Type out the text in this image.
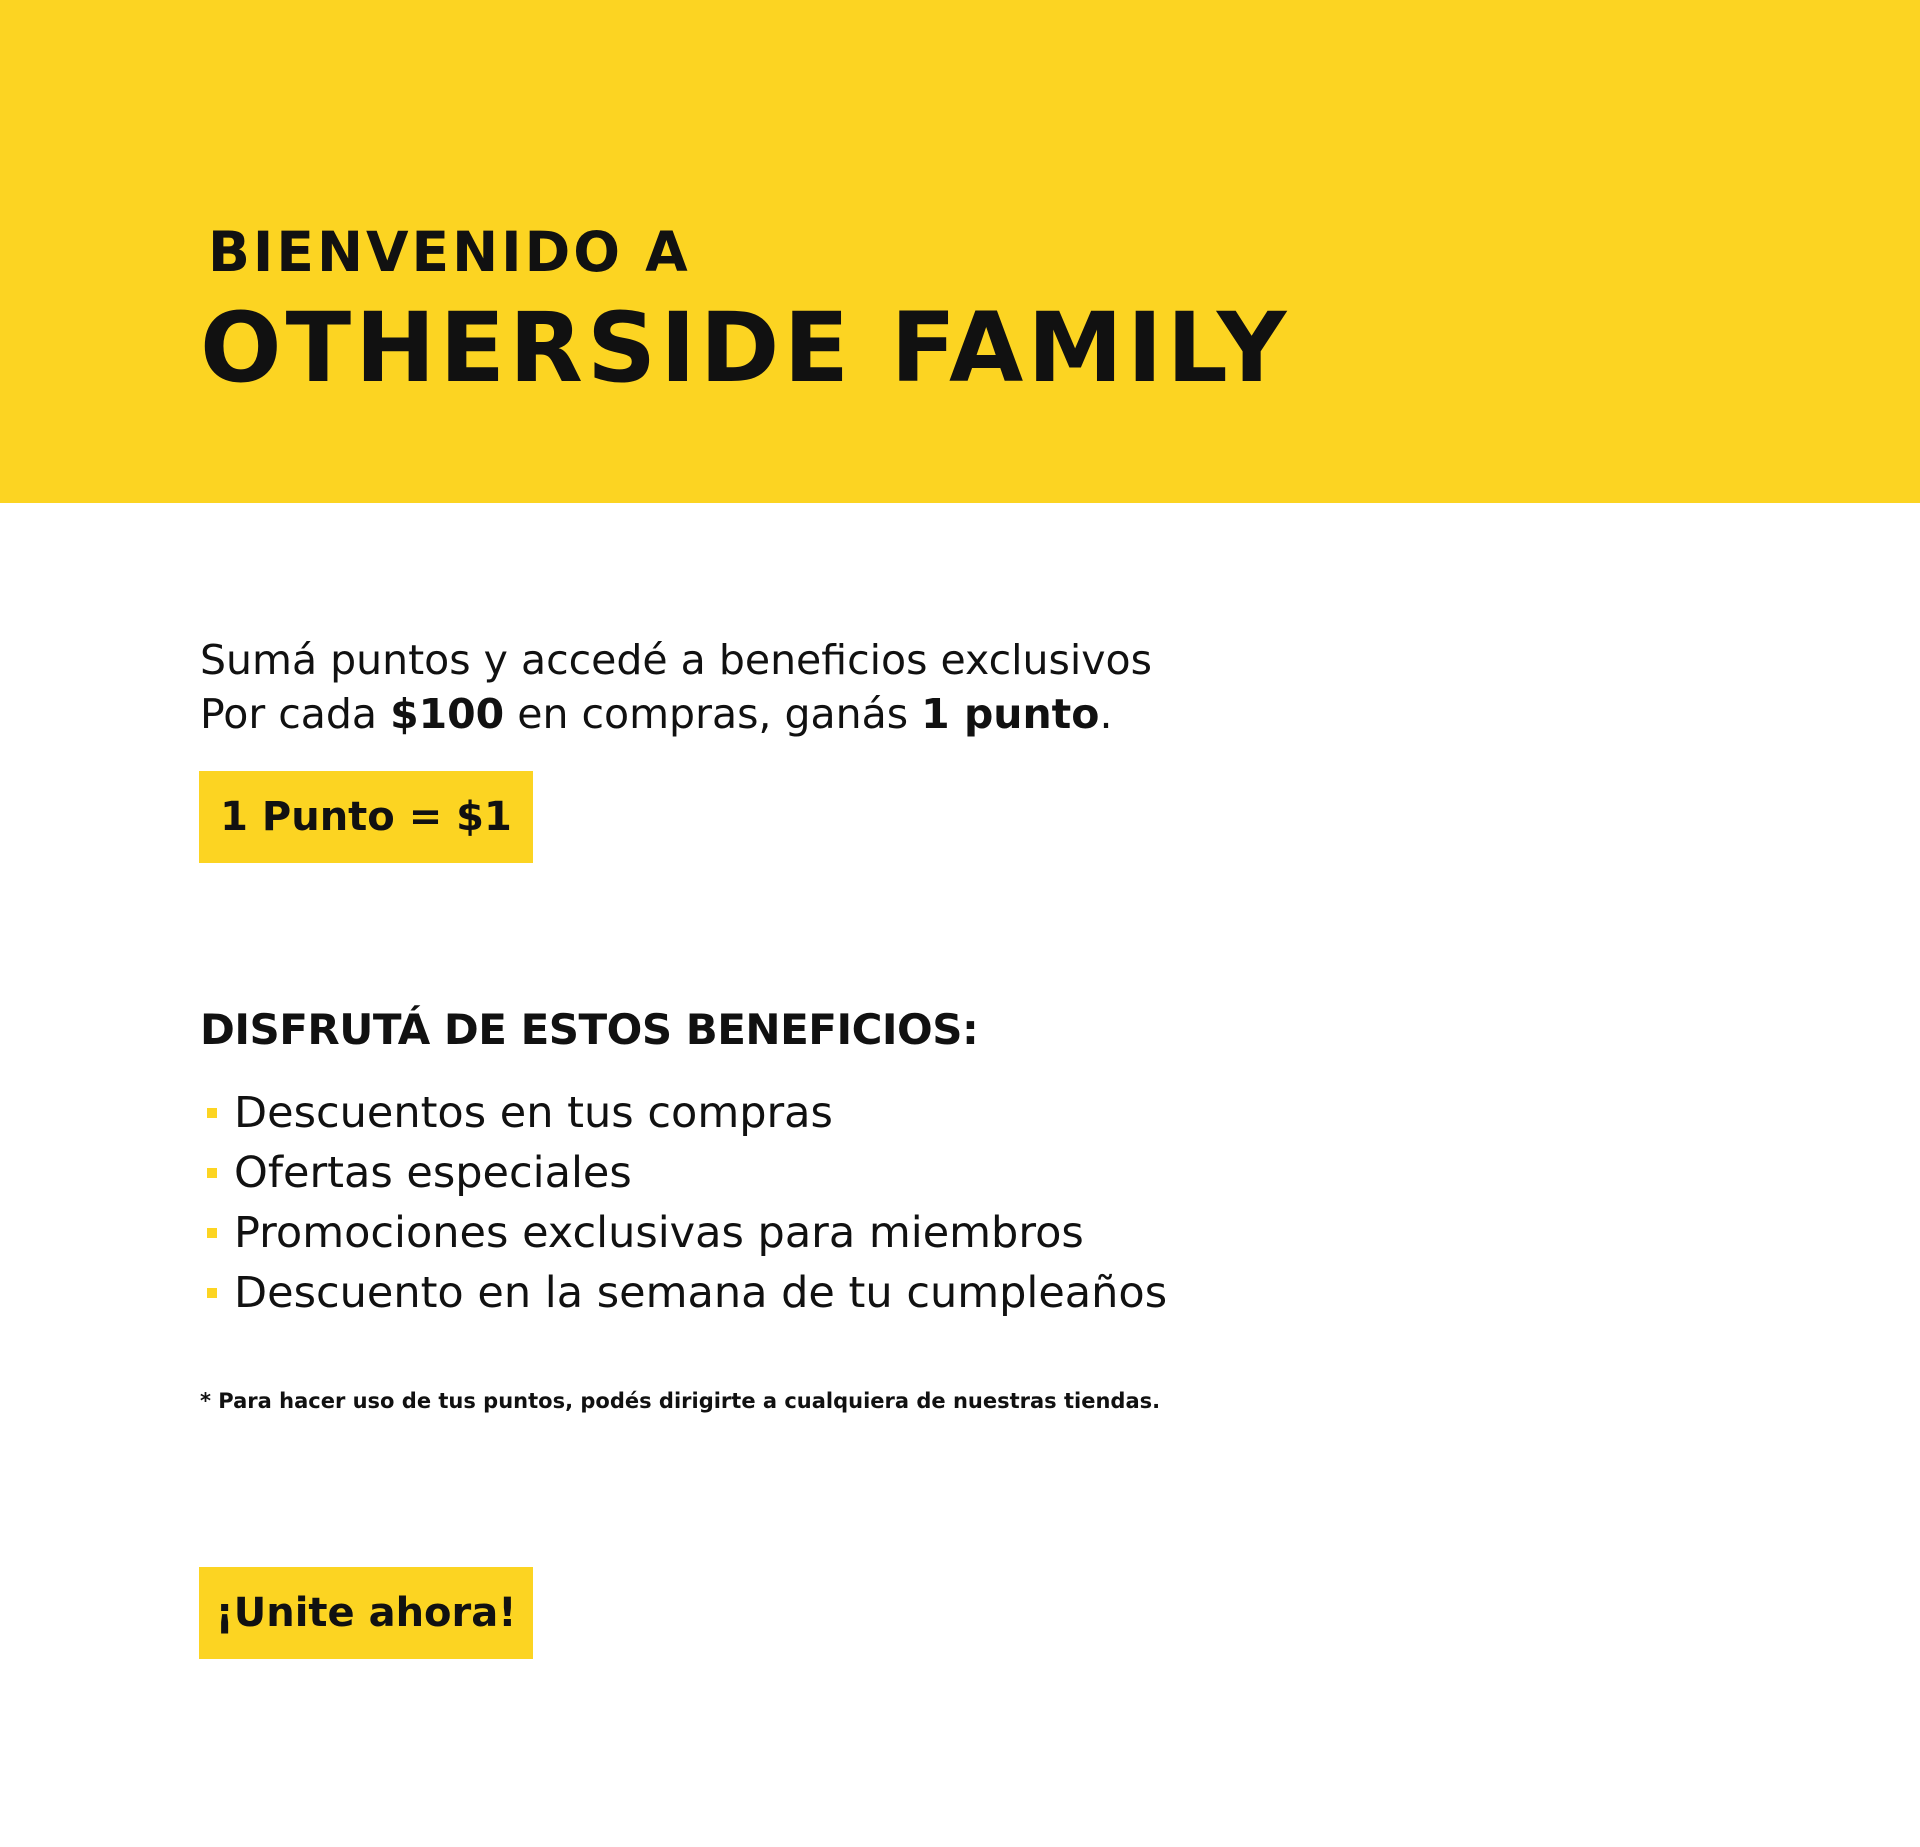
BIENVENIDO A
OTHERSIDE FAMILY
Sumá puntos y accedé a beneficios exclusivos
Por cada $100 en compras, ganás 1 punto.
1 Punto = $1
DISFRUTÁ DE ESTOS BENEFICIOS:
Descuentos en tus compras
Ofertas especiales
Promociones exclusivas para miembros
Descuento en la semana de tu cumpleaños
* Para hacer uso de tus puntos, podés dirigirte a cualquiera de nuestras tiendas.
¡Unite ahora!
